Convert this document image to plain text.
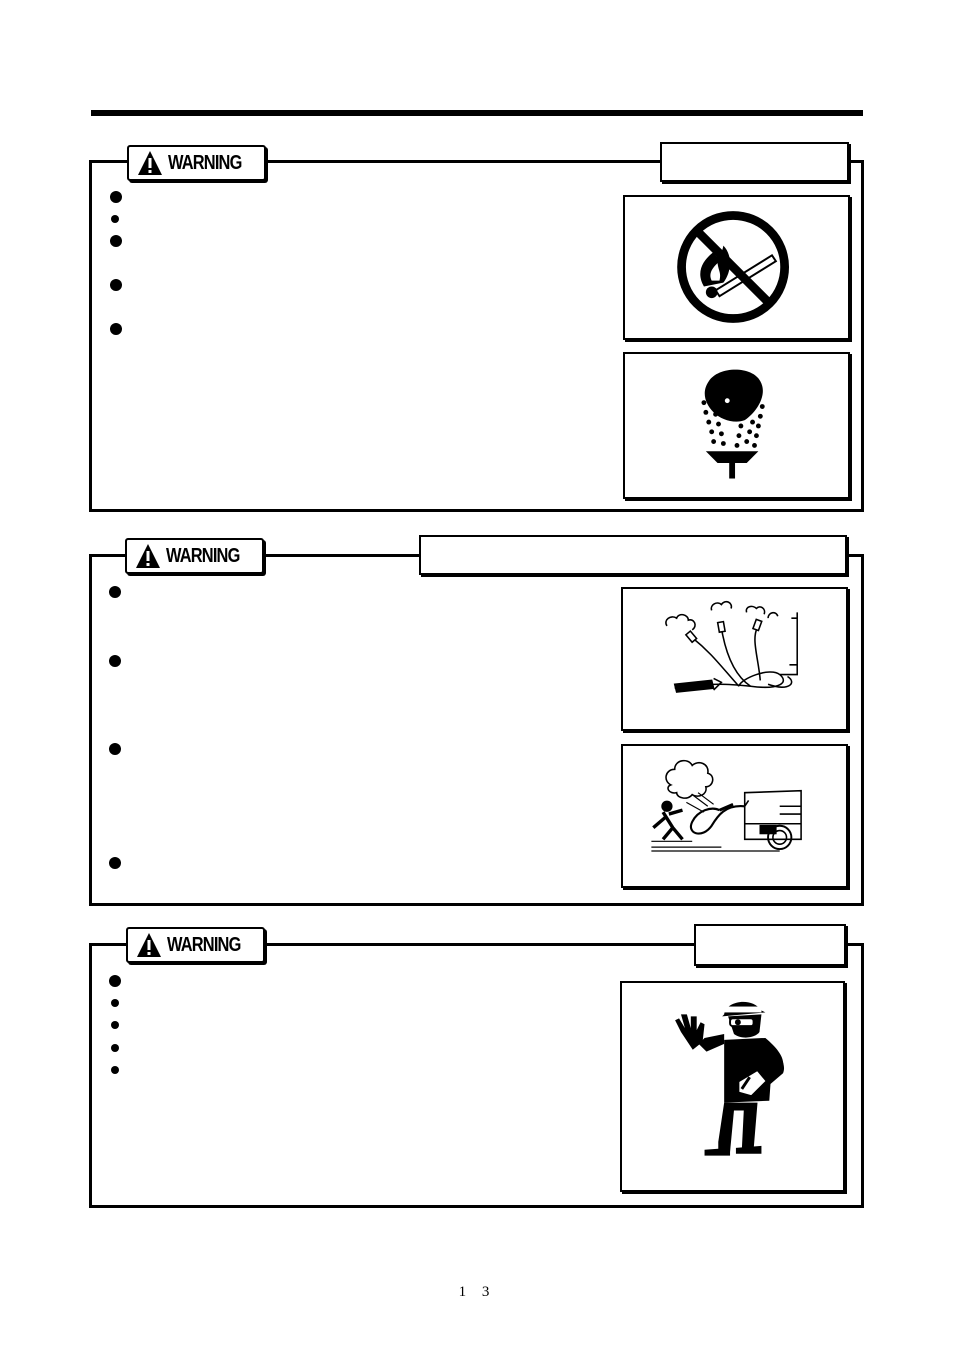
WARNING
WARNING
WARNING
1 3
